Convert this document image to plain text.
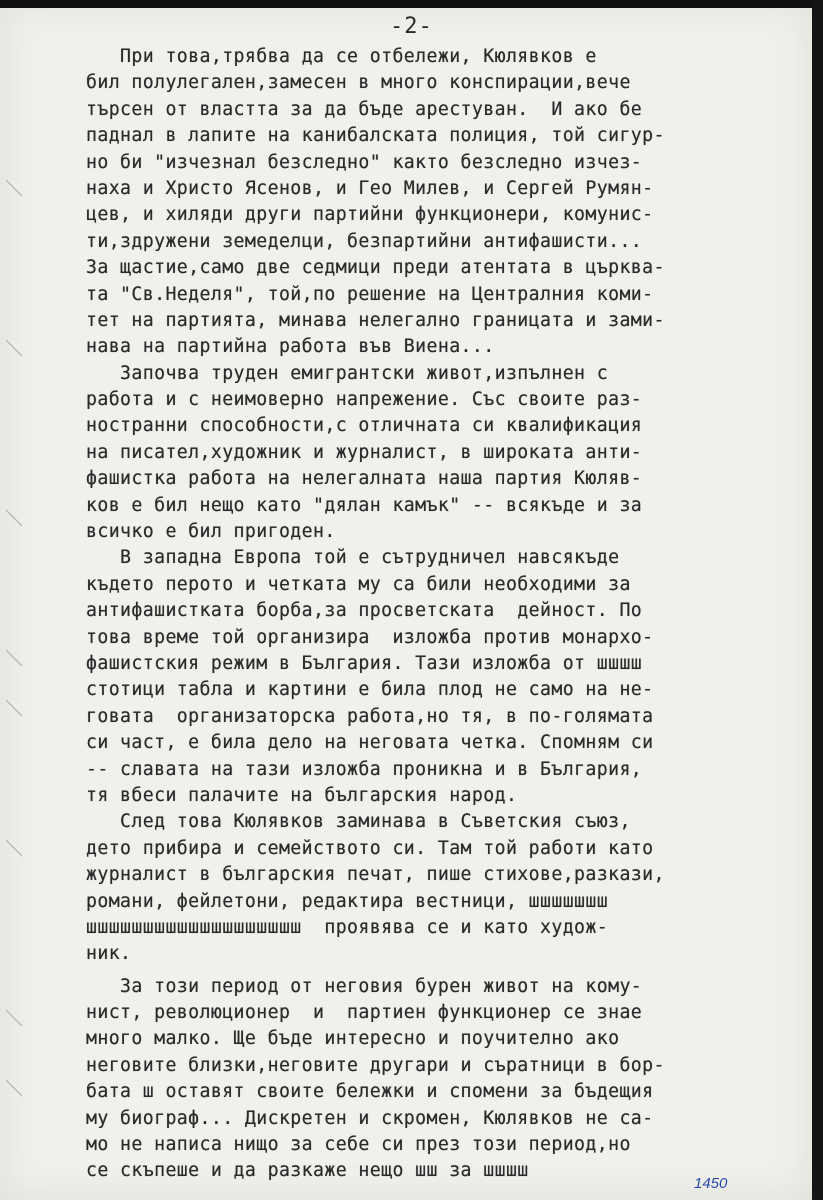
-2-
При това,трябва да се отбележи, Кюлявков е
бил полулегален,замесен в много конспирации,вече
търсен от властта за да бъде арестуван.  И ако бе
паднал в лапите на канибалската полиция, той сигур-
но би "изчезнал безследно" както безследно изчез-
наха и Христо Ясенов, и Гео Милев, и Сергей Румян-
цев, и хиляди други партийни функционери, комунис-
ти,здружени земеделци, безпартийни антифашисти...
За щастие,само две седмици преди атентата в църква-
та "Св.Неделя", той,по решение на Централния коми-
тет на партията, минава нелегално границата и зами-
нава на партийна работа във Виена...
Започва труден емигрантски живот,изпълнен с
работа и с неимоверно напрежение. Със своите раз-
ностранни способности,с отличната си квалификация
на писател,художник и журналист, в широката анти-
фашистка работа на нелегалната наша партия Кюляв-
ков е бил нещо като "дялан камък" -- всякъде и за
всичко е бил пригоден.
В западна Европа той е сътрудничел навсякъде
където перото и четката му са били необходими за
антифашистката борба,за просветската  дейност. По
това време той организира  изложба против монархо-
фашистския режим в България. Тази изложба от шшшш
стотици табла и картини е била плод не само на не-
говата  организаторска работа,но тя, в по-голямата
си част, е била дело на неговата четка. Спомням си
-- славата на тази изложба проникна и в България,
тя вбеси палачите на българския народ.
След това Кюлявков заминава в Съветския съюз,
дето прибира и семейството си. Там той работи като
журналист в българския печат, пише стихове,разкази,
романи, фейлетони, редактира вестници, шшшшшшш
шшшшшшшшшшшшшшшшшшш  проявява се и като худож-
ник.
За този период от неговия бурен живот на кому-
нист, революционер  и  партиен функционер се знае
много малко. Ще бъде интересно и поучително ако
неговите близки,неговите другари и съратници в бор-
бата ш оставят своите бележки и спомени за бъдещия
му биограф... Дискретен и скромен, Кюлявков не са-
мо не написа нищо за себе си през този период,но
се скъпеше и да разкаже нещо шш за шшшш
1450
